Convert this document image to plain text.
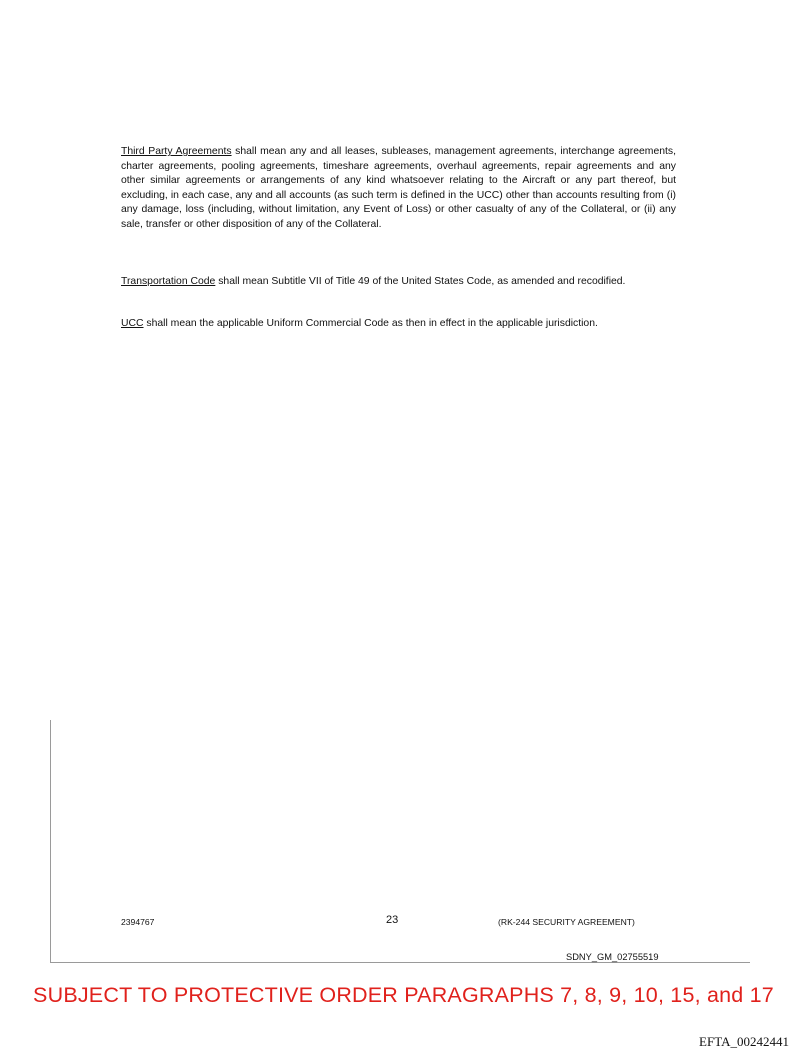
Third Party Agreements shall mean any and all leases, subleases, management agreements, interchange agreements, charter agreements, pooling agreements, timeshare agreements, overhaul agreements, repair agreements and any other similar agreements or arrangements of any kind whatsoever relating to the Aircraft or any part thereof, but excluding, in each case, any and all accounts (as such term is defined in the UCC) other than accounts resulting from (i) any damage, loss (including, without limitation, any Event of Loss) or other casualty of any of the Collateral, or (ii) any sale, transfer or other disposition of any of the Collateral.

Transportation Code shall mean Subtitle VII of Title 49 of the United States Code, as amended and recodified.

UCC shall mean the applicable Uniform Commercial Code as then in effect in the applicable jurisdiction.

2394767	23	(RK-244 SECURITY AGREEMENT)
SDNY_GM_02755519
SUBJECT TO PROTECTIVE ORDER PARAGRAPHS 7, 8, 9, 10, 15, and 17
EFTA_00242441
